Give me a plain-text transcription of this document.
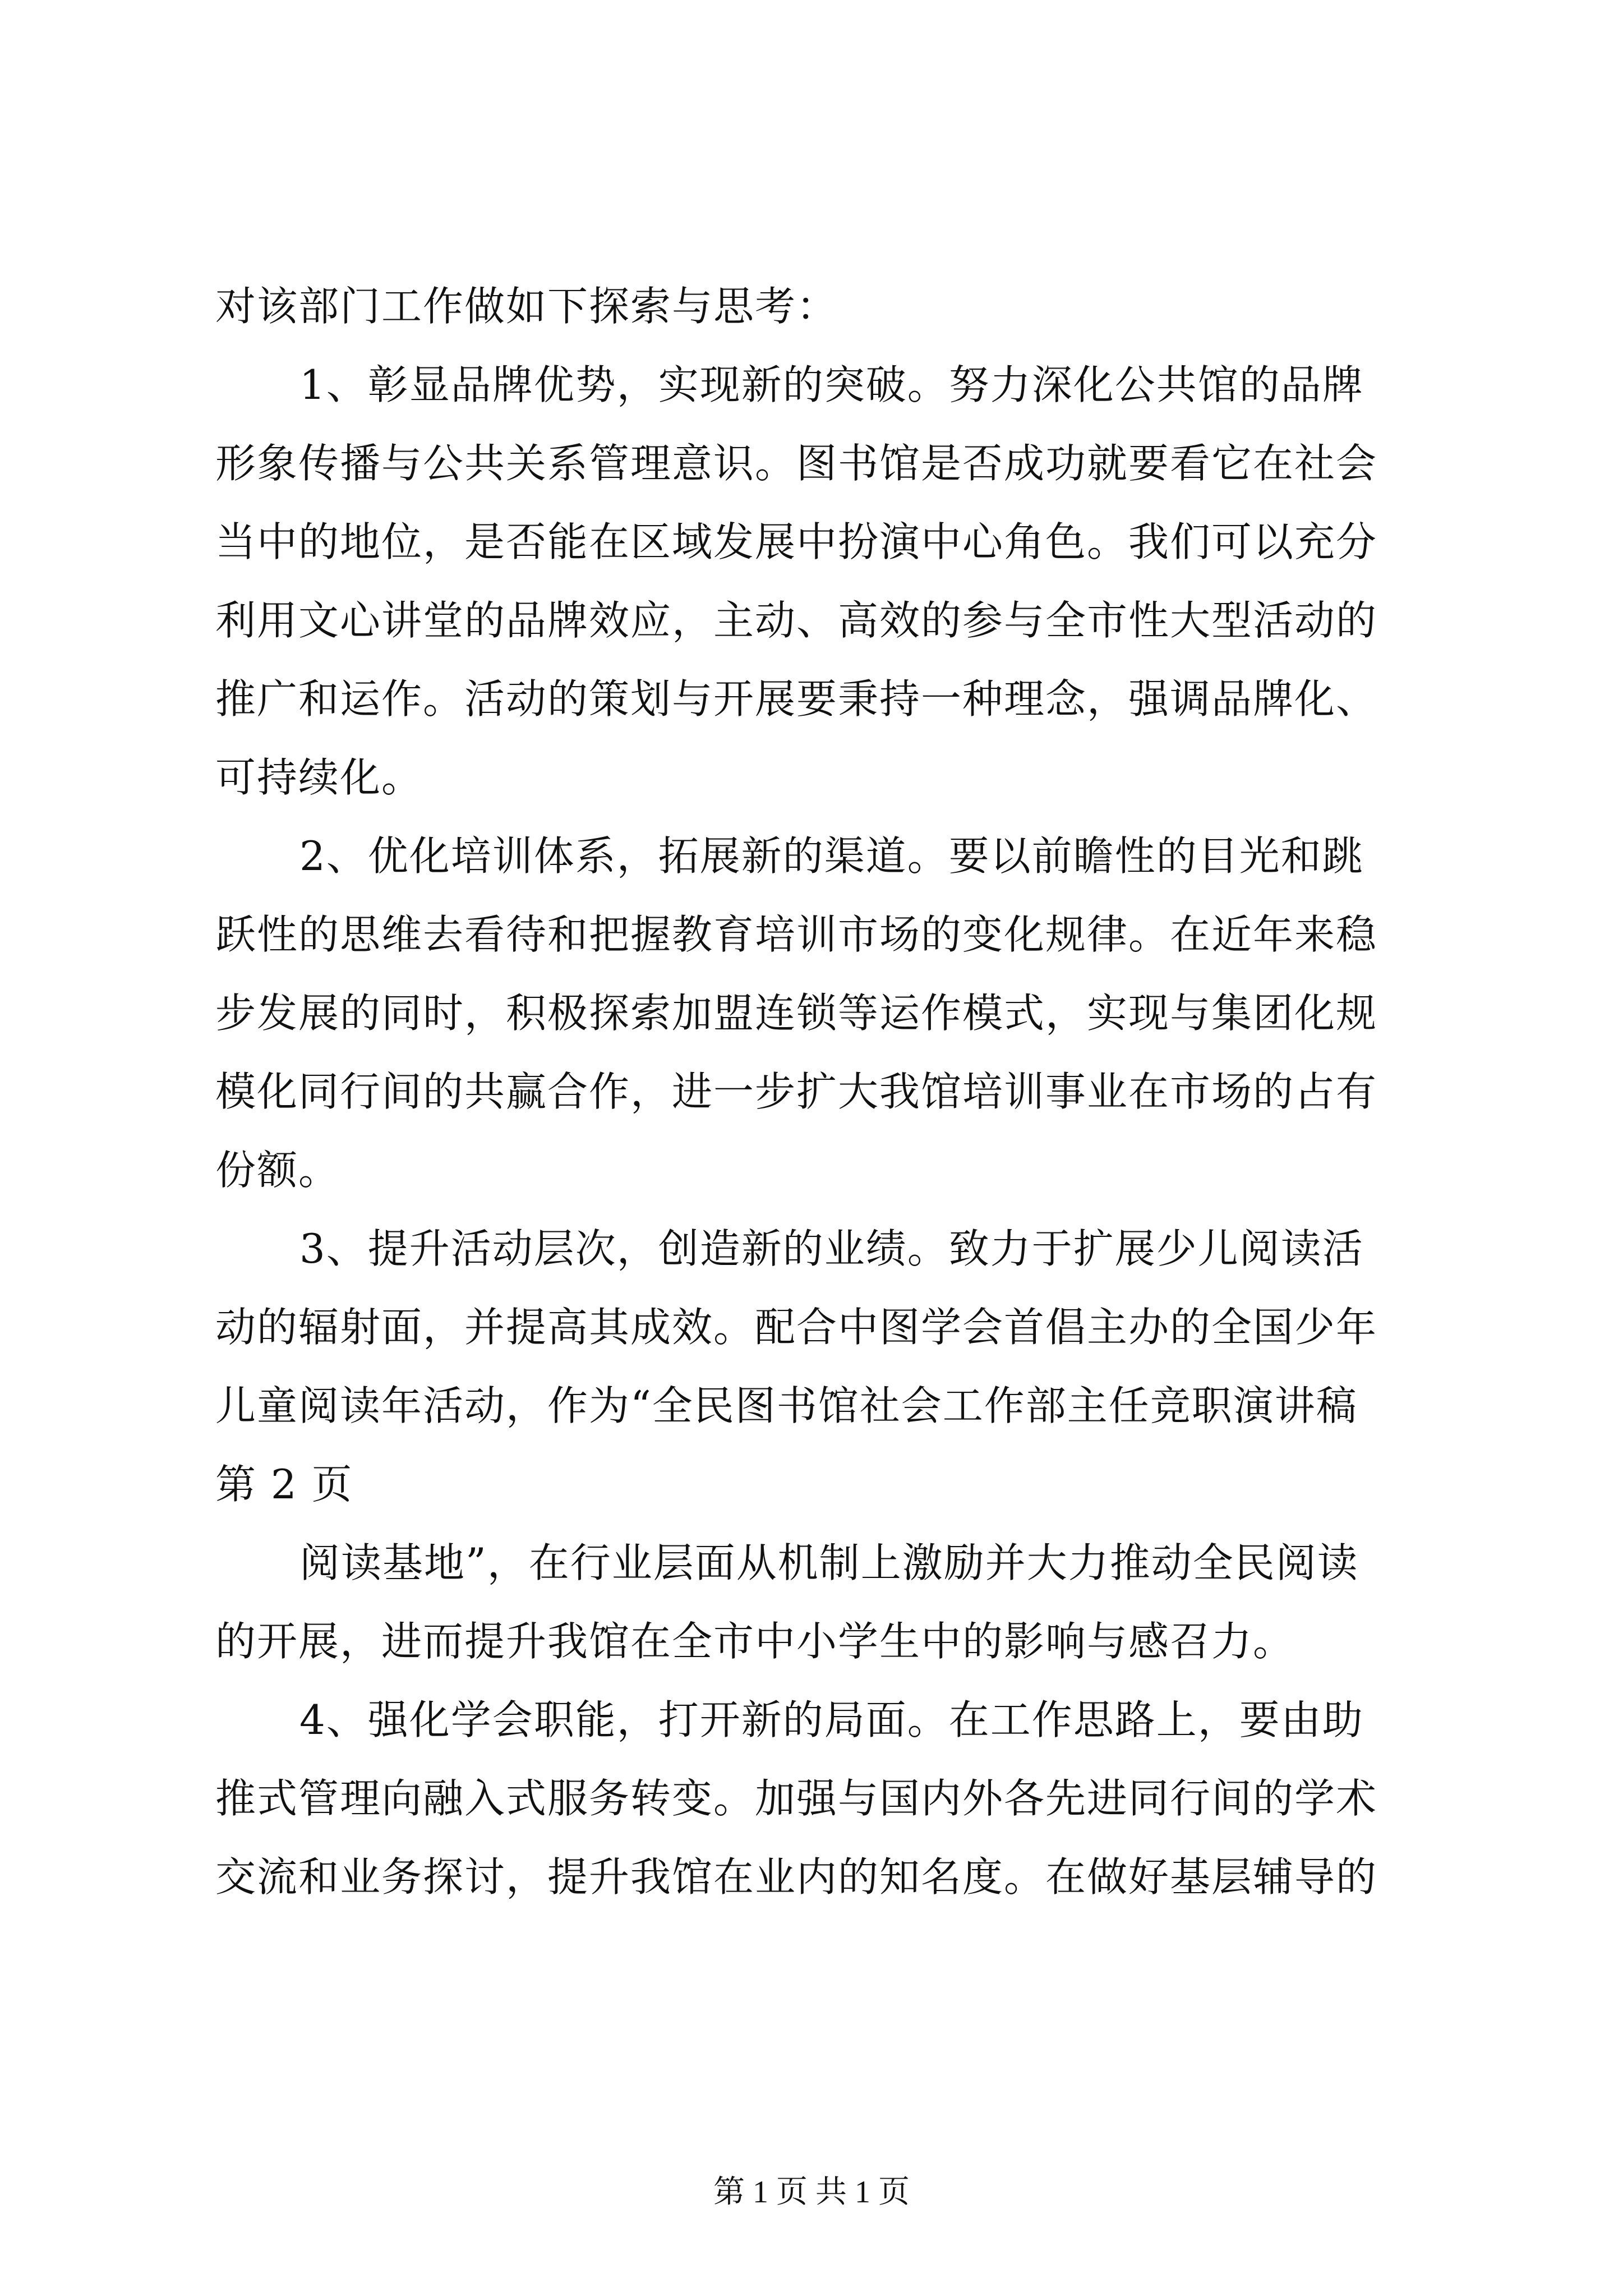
对该部门工作做如下探索与思考：
1、彰显品牌优势，实现新的突破。努力深化公共馆的品牌
形象传播与公共关系管理意识。图书馆是否成功就要看它在社会
当中的地位，是否能在区域发展中扮演中心角色。我们可以充分
利用文心讲堂的品牌效应，主动、高效的参与全市性大型活动的
推广和运作。活动的策划与开展要秉持一种理念，强调品牌化、
可持续化。
2、优化培训体系，拓展新的渠道。要以前瞻性的目光和跳
跃性的思维去看待和把握教育培训市场的变化规律。在近年来稳
步发展的同时，积极探索加盟连锁等运作模式，实现与集团化规
模化同行间的共赢合作，进一步扩大我馆培训事业在市场的占有
份额。
3、提升活动层次，创造新的业绩。致力于扩展少儿阅读活
动的辐射面，并提高其成效。配合中图学会首倡主办的全国少年
儿童阅读年活动，作为“全民图书馆社会工作部主任竞职演讲稿
第 2 页
阅读基地”，在行业层面从机制上激励并大力推动全民阅读
的开展，进而提升我馆在全市中小学生中的影响与感召力。
4、强化学会职能，打开新的局面。在工作思路上，要由助
推式管理向融入式服务转变。加强与国内外各先进同行间的学术
交流和业务探讨，提升我馆在业内的知名度。在做好基层辅导的
第 1 页 共 1 页
